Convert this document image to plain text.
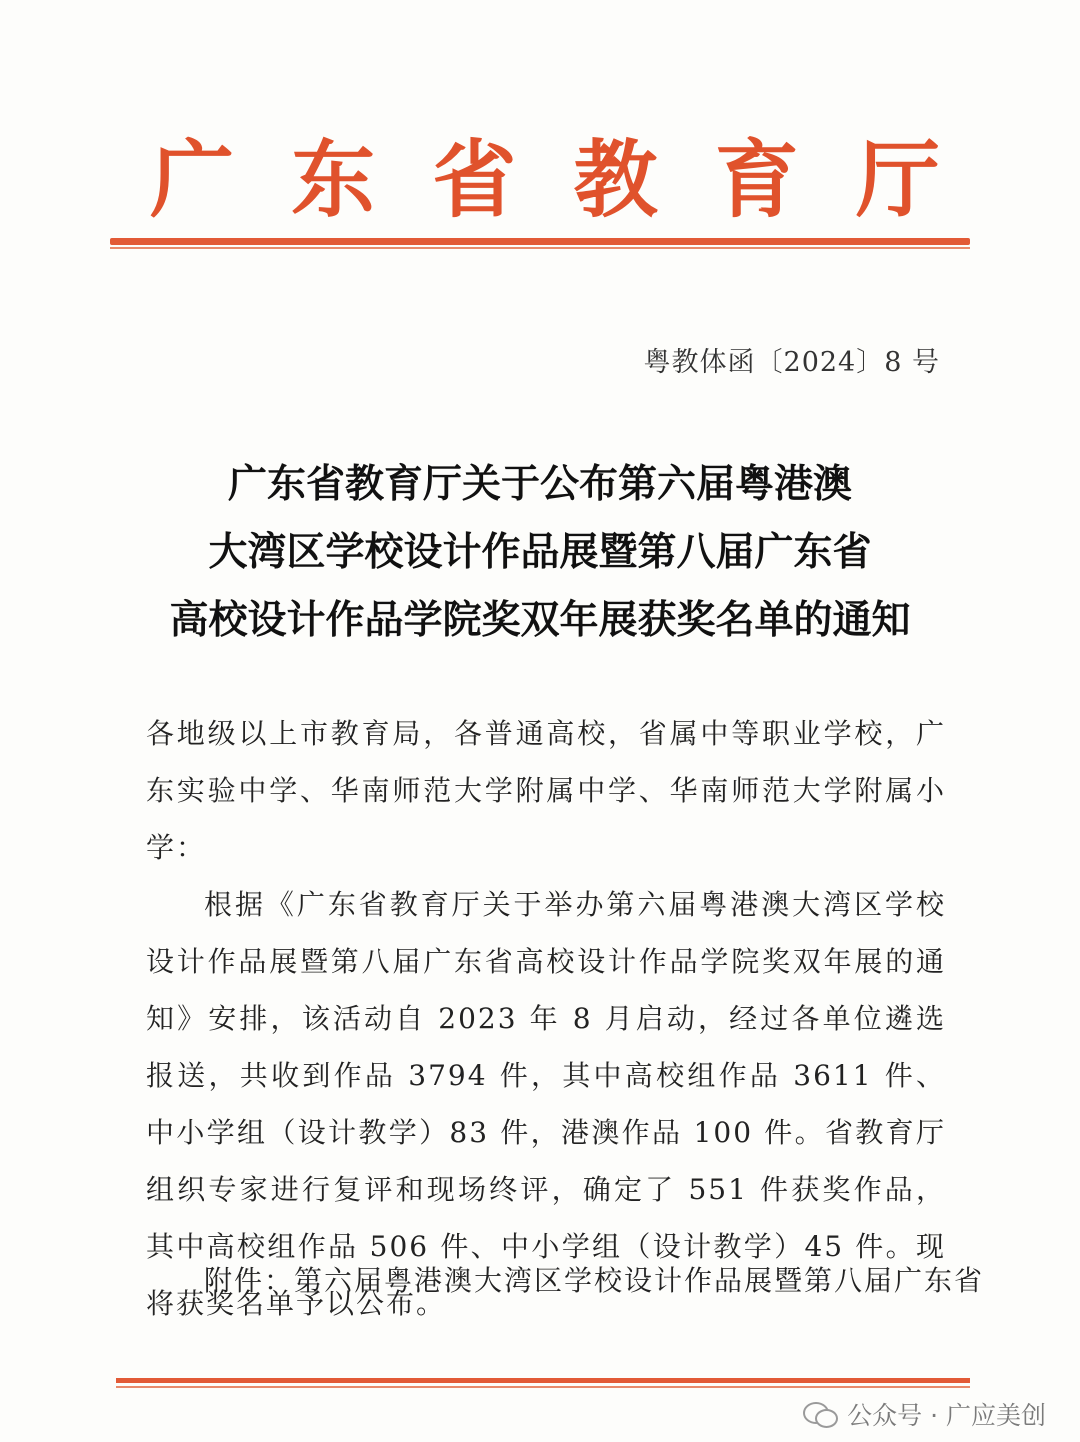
广 东 省 教 育 厅
粤教体函〔2024〕8 号
广东省教育厅关于公布第六届粤港澳
大湾区学校设计作品展暨第八届广东省
高校设计作品学院奖双年展获奖名单的通知

各地级以上市教育局，各普通高校，省属中等职业学校，广东实验中学、华南师范大学附属中学、华南师范大学附属小学：

根据《广东省教育厅关于举办第六届粤港澳大湾区学校设计作品展暨第八届广东省高校设计作品学院奖双年展的通知》安排，该活动自 2023 年 8 月启动，经过各单位遴选报送，共收到作品 3794 件，其中高校组作品 3611 件、中小学组（设计教学）83 件，港澳作品 100 件。省教育厅组织专家进行复评和现场终评，确定了 551 件获奖作品，其中高校组作品 506 件、中小学组（设计教学）45 件。现将获奖名单予以公布。

附件：第六届粤港澳大湾区学校设计作品展暨第八届广东省
公众号 · 广应美创
